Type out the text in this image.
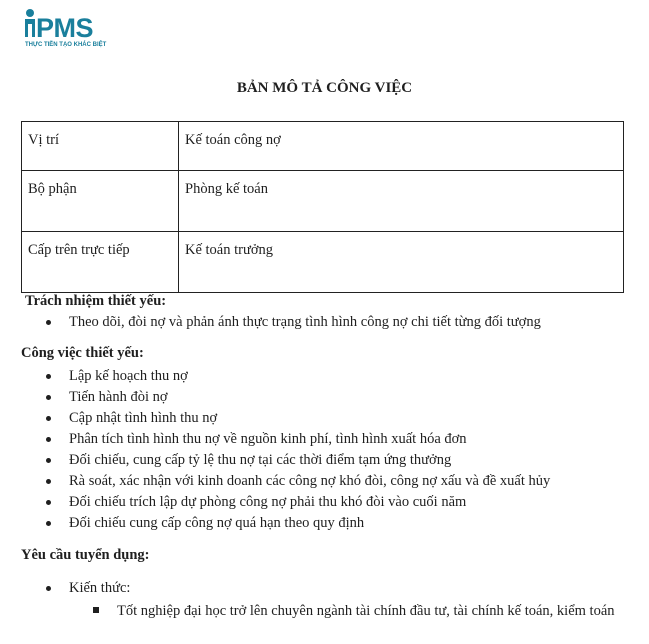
PMS
THỰC TIỄN TẠO KHÁC BIỆT
BẢN MÔ TẢ CÔNG VIỆC
Vị trí	Kế toán công nợ
Bộ phận	Phòng kế toán
Cấp trên trực tiếp	Kế toán trưởng
Trách nhiệm thiết yếu:
Theo dõi, đòi nợ và phản ánh thực trạng tình hình công nợ chi tiết từng đối tượng
Công việc thiết yếu:
Lập kế hoạch thu nợ
Tiến hành đòi nợ
Cập nhật tình hình thu nợ
Phân tích tình hình thu nợ về nguồn kinh phí, tình hình xuất hóa đơn
Đối chiếu, cung cấp tỷ lệ thu nợ tại các thời điểm tạm ứng thưởng
Rà soát, xác nhận với kinh doanh các công nợ khó đòi, công nợ xấu và đề xuất hủy
Đối chiếu trích lập dự phòng công nợ phải thu khó đòi vào cuối năm
Đối chiếu cung cấp công nợ quá hạn theo quy định
Yêu cầu tuyển dụng:
Kiến thức:
Tốt nghiệp đại học trở lên chuyên ngành tài chính đầu tư, tài chính kế toán, kiểm toán
